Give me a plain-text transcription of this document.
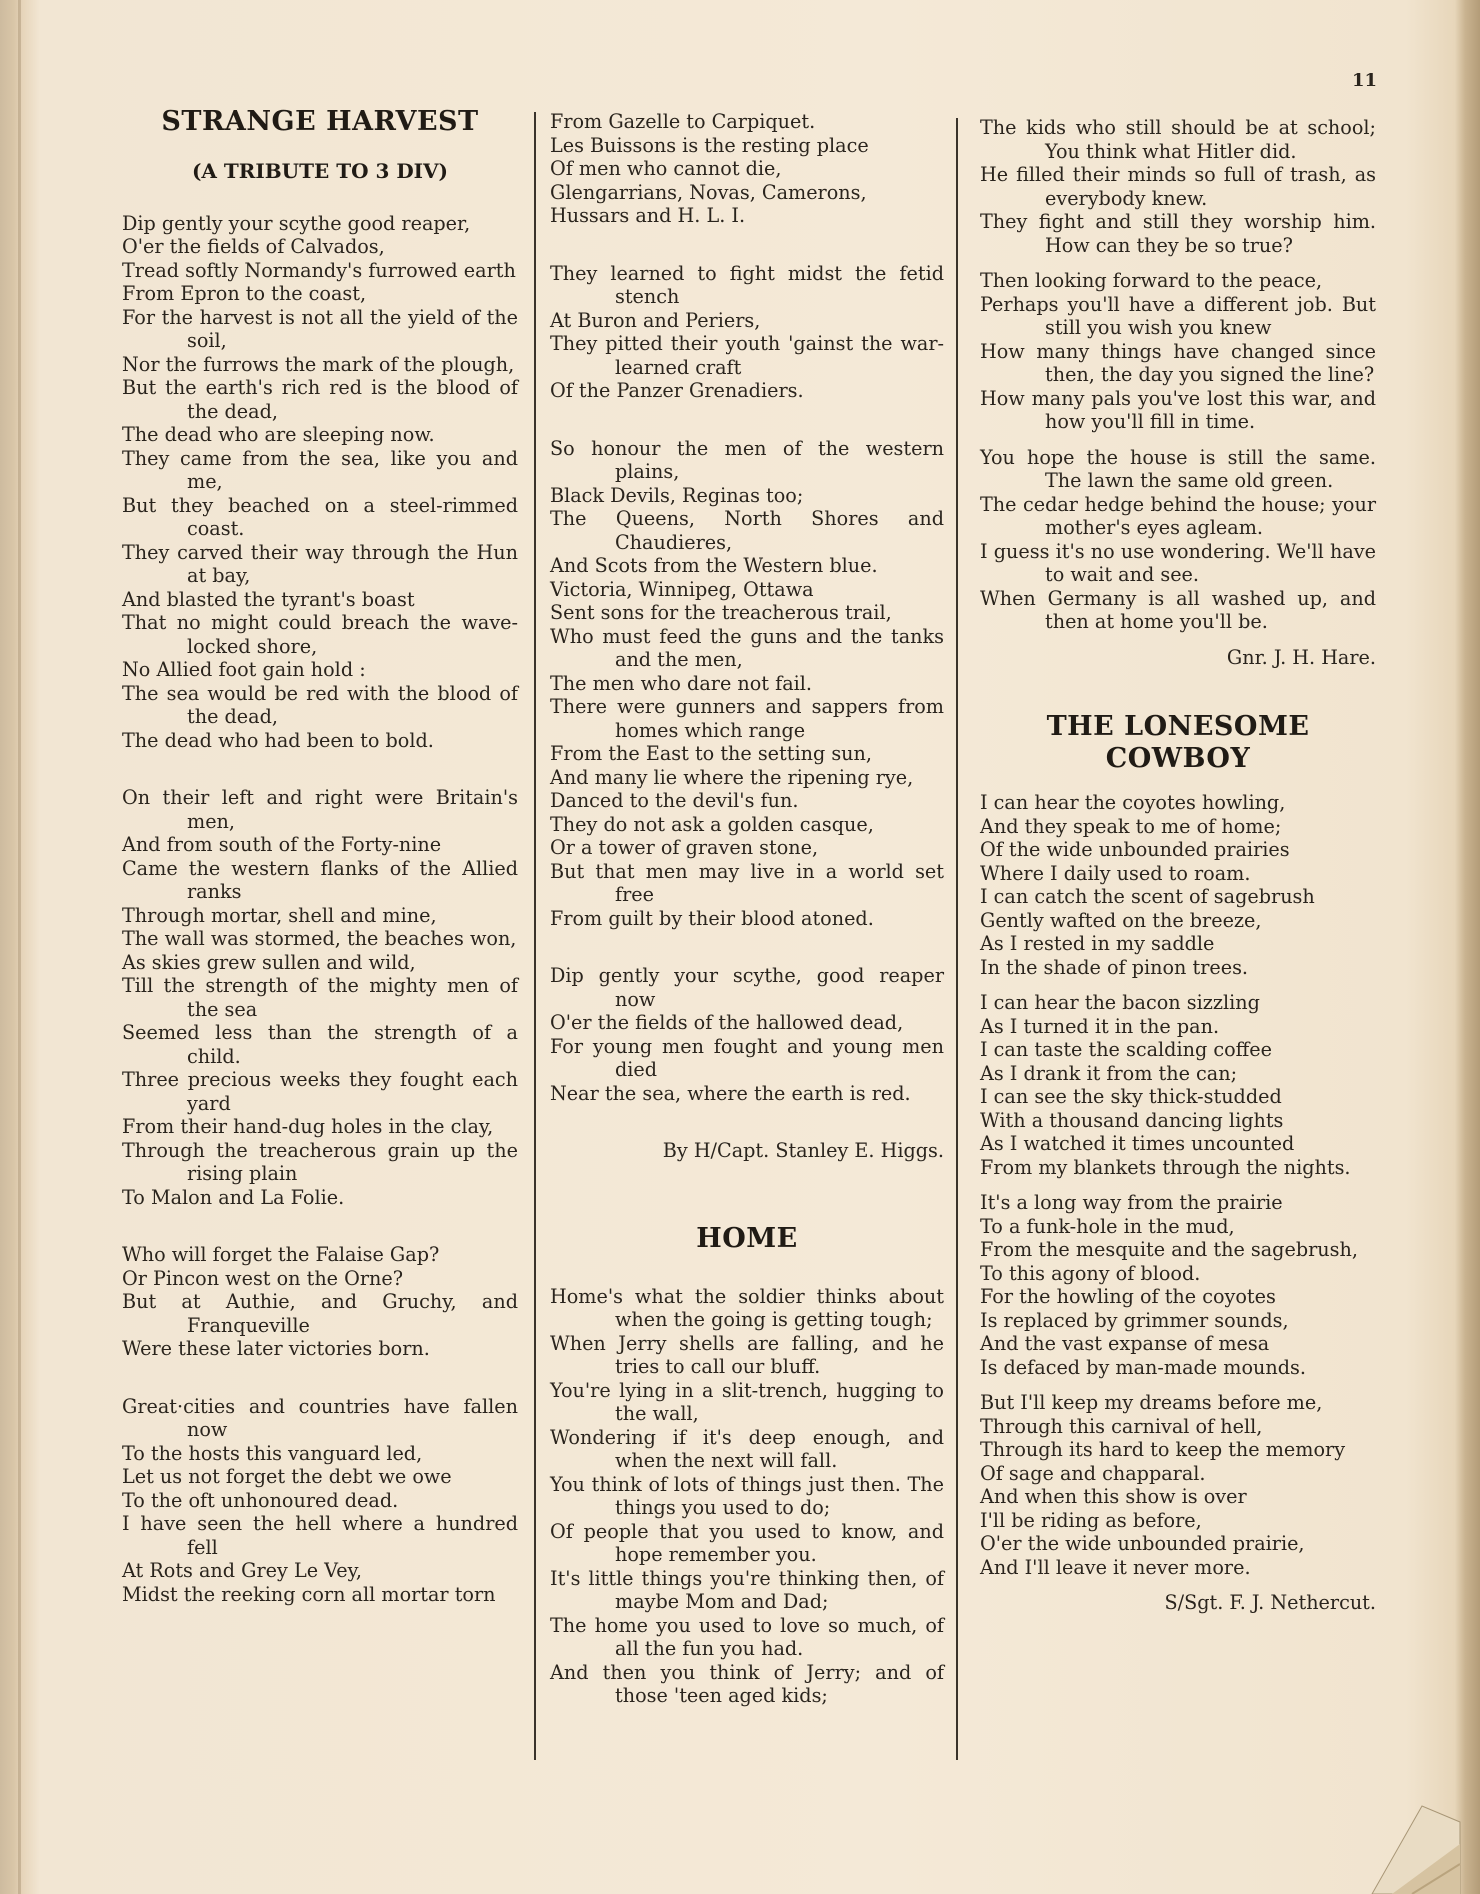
11
STRANGE HARVEST
(A TRIBUTE TO 3 DIV)
Dip gently your scythe good reaper,
O'er the fields of Calvados,
Tread softly Normandy's furrowed earth
From Epron to the coast,
For the harvest is not all the yield of the soil,
Nor the furrows the mark of the plough,
But the earth's rich red is the blood of the dead,
The dead who are sleeping now.
They came from the sea, like you and me,
But they beached on a steel-rimmed coast.
They carved their way through the Hun at bay,
And blasted the tyrant's boast
That no might could breach the wave-locked shore,
No Allied foot gain hold :
The sea would be red with the blood of the dead,
The dead who had been to bold.
On their left and right were Britain's men,
And from south of the Forty-nine
Came the western flanks of the Allied ranks
Through mortar, shell and mine,
The wall was stormed, the beaches won,
As skies grew sullen and wild,
Till the strength of the mighty men of the sea
Seemed less than the strength of a child.
Three precious weeks they fought each yard
From their hand-dug holes in the clay,
Through the treacherous grain up the rising plain
To Malon and La Folie.
Who will forget the Falaise Gap?
Or Pincon west on the Orne?
But at Authie, and Gruchy, and Franqueville
Were these later victories born.
Great·cities and countries have fallen now
To the hosts this vanguard led,
Let us not forget the debt we owe
To the oft unhonoured dead.
I have seen the hell where a hundred fell
At Rots and Grey Le Vey,
Midst the reeking corn all mortar torn
From Gazelle to Carpiquet.
Les Buissons is the resting place
Of men who cannot die,
Glengarrians, Novas, Camerons,
Hussars and H. L. I.
They learned to fight midst the fetid stench
At Buron and Periers,
They pitted their youth 'gainst the war-learned craft
Of the Panzer Grenadiers.
So honour the men of the western plains,
Black Devils, Reginas too;
The Queens, North Shores and Chaudieres,
And Scots from the Western blue.
Victoria, Winnipeg, Ottawa
Sent sons for the treacherous trail,
Who must feed the guns and the tanks and the men,
The men who dare not fail.
There were gunners and sappers from homes which range
From the East to the setting sun,
And many lie where the ripening rye,
Danced to the devil's fun.
They do not ask a golden casque,
Or a tower of graven stone,
But that men may live in a world set free
From guilt by their blood atoned.
Dip gently your scythe, good reaper now
O'er the fields of the hallowed dead,
For young men fought and young men died
Near the sea, where the earth is red.
By H/Capt. Stanley E. Higgs.
HOME
Home's what the soldier thinks about when the going is getting tough;
When Jerry shells are falling, and he tries to call our bluff.
You're lying in a slit-trench, hugging to the wall,
Wondering if it's deep enough, and when the next will fall.
You think of lots of things just then. The things you used to do;
Of people that you used to know, and hope remember you.
It's little things you're thinking then, of maybe Mom and Dad;
The home you used to love so much, of all the fun you had.
And then you think of Jerry; and of those 'teen aged kids;
The kids who still should be at school; You think what Hitler did.
He filled their minds so full of trash, as everybody knew.
They fight and still they worship him. How can they be so true?
Then looking forward to the peace,
Perhaps you'll have a different job. But still you wish you knew
How many things have changed since then, the day you signed the line?
How many pals you've lost this war, and how you'll fill in time.
You hope the house is still the same. The lawn the same old green.
The cedar hedge behind the house; your mother's eyes agleam.
I guess it's no use wondering. We'll have to wait and see.
When Germany is all washed up, and then at home you'll be.
Gnr. J. H. Hare.
THE LONESOME COWBOY
I can hear the coyotes howling,
And they speak to me of home;
Of the wide unbounded prairies
Where I daily used to roam.
I can catch the scent of sagebrush
Gently wafted on the breeze,
As I rested in my saddle
In the shade of pinon trees.
I can hear the bacon sizzling
As I turned it in the pan.
I can taste the scalding coffee
As I drank it from the can;
I can see the sky thick-studded
With a thousand dancing lights
As I watched it times uncounted
From my blankets through the nights.
It's a long way from the prairie
To a funk-hole in the mud,
From the mesquite and the sagebrush,
To this agony of blood.
For the howling of the coyotes
Is replaced by grimmer sounds,
And the vast expanse of mesa
Is defaced by man-made mounds.
But I'll keep my dreams before me,
Through this carnival of hell,
Through its hard to keep the memory
Of sage and chapparal.
And when this show is over
I'll be riding as before,
O'er the wide unbounded prairie,
And I'll leave it never more.
S/Sgt. F. J. Nethercut.
